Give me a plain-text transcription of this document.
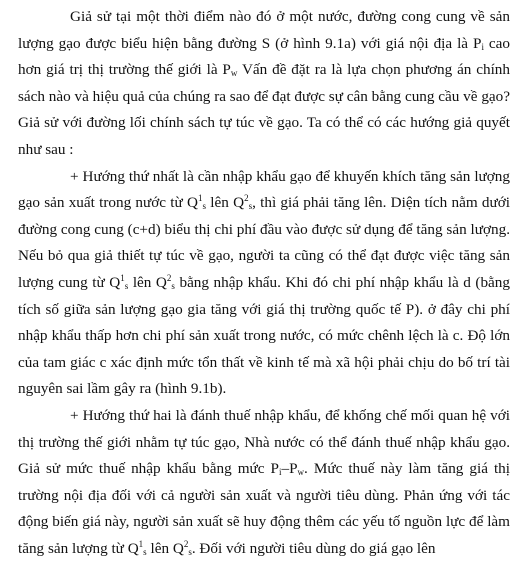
Giả sử tại một thời điểm nào đó ở một nước, đường cong cung về sản lượng gạo được biểu hiện bằng đường S (ở hình 9.1a) với giá nội địa là $P_i$ cao hơn giá trị thị trường thế giới là $P_w$ Vấn đề đặt ra là lựa chọn phương án chính sách nào và hiệu quả của chúng ra sao để đạt được sự cân bằng cung cầu về gạo? Giả sử với đường lối chính sách tự túc về gạo. Ta có thể có các hướng giả quyết như sau :

+ Hướng thứ nhất là cần nhập khẩu gạo để khuyến khích tăng sản lượng gạo sản xuất trong nước từ $Q^1_s$ lên $Q^2_s$, thì giá phải tăng lên. Diện tích nằm dưới đường cong cung (c+d) biểu thị chi phí đầu vào được sử dụng để tăng sản lượng. Nếu bỏ qua giả thiết tự túc về gạo, người ta cũng có thể đạt được việc tăng sản lượng cung từ $Q^1_s$ lên $Q^2_s$ bằng nhập khẩu. Khi đó chi phí nhập khẩu là d (bằng tích số giữa sản lượng gạo gia tăng với giá thị trường quốc tế P). ở đây chi phí nhập khẩu thấp hơn chi phí sản xuất trong nước, có mức chênh lệch là c. Độ lớn của tam giác c xác định mức tổn thất về kinh tế mà xã hội phải chịu do bố trí tài nguyên sai lầm gây ra (hình 9.1b).

+ Hướng thứ hai là đánh thuế nhập khẩu, để khống chế mối quan hệ với thị trường thế giới nhằm tự túc gạo, Nhà nước có thể đánh thuế nhập khẩu gạo. Giả sử mức thuế nhập khẩu bằng mức $P_i-P_w$. Mức thuế này làm tăng giá thị trường nội địa đối với cả người sản xuất và người tiêu dùng. Phản ứng với tác động biến giá này, người sản xuất sẽ huy động thêm các yếu tố nguồn lực để làm tăng sản lượng từ $Q^1_s$ lên $Q^2_s$. Đối với người tiêu dùng do giá gạo lên
